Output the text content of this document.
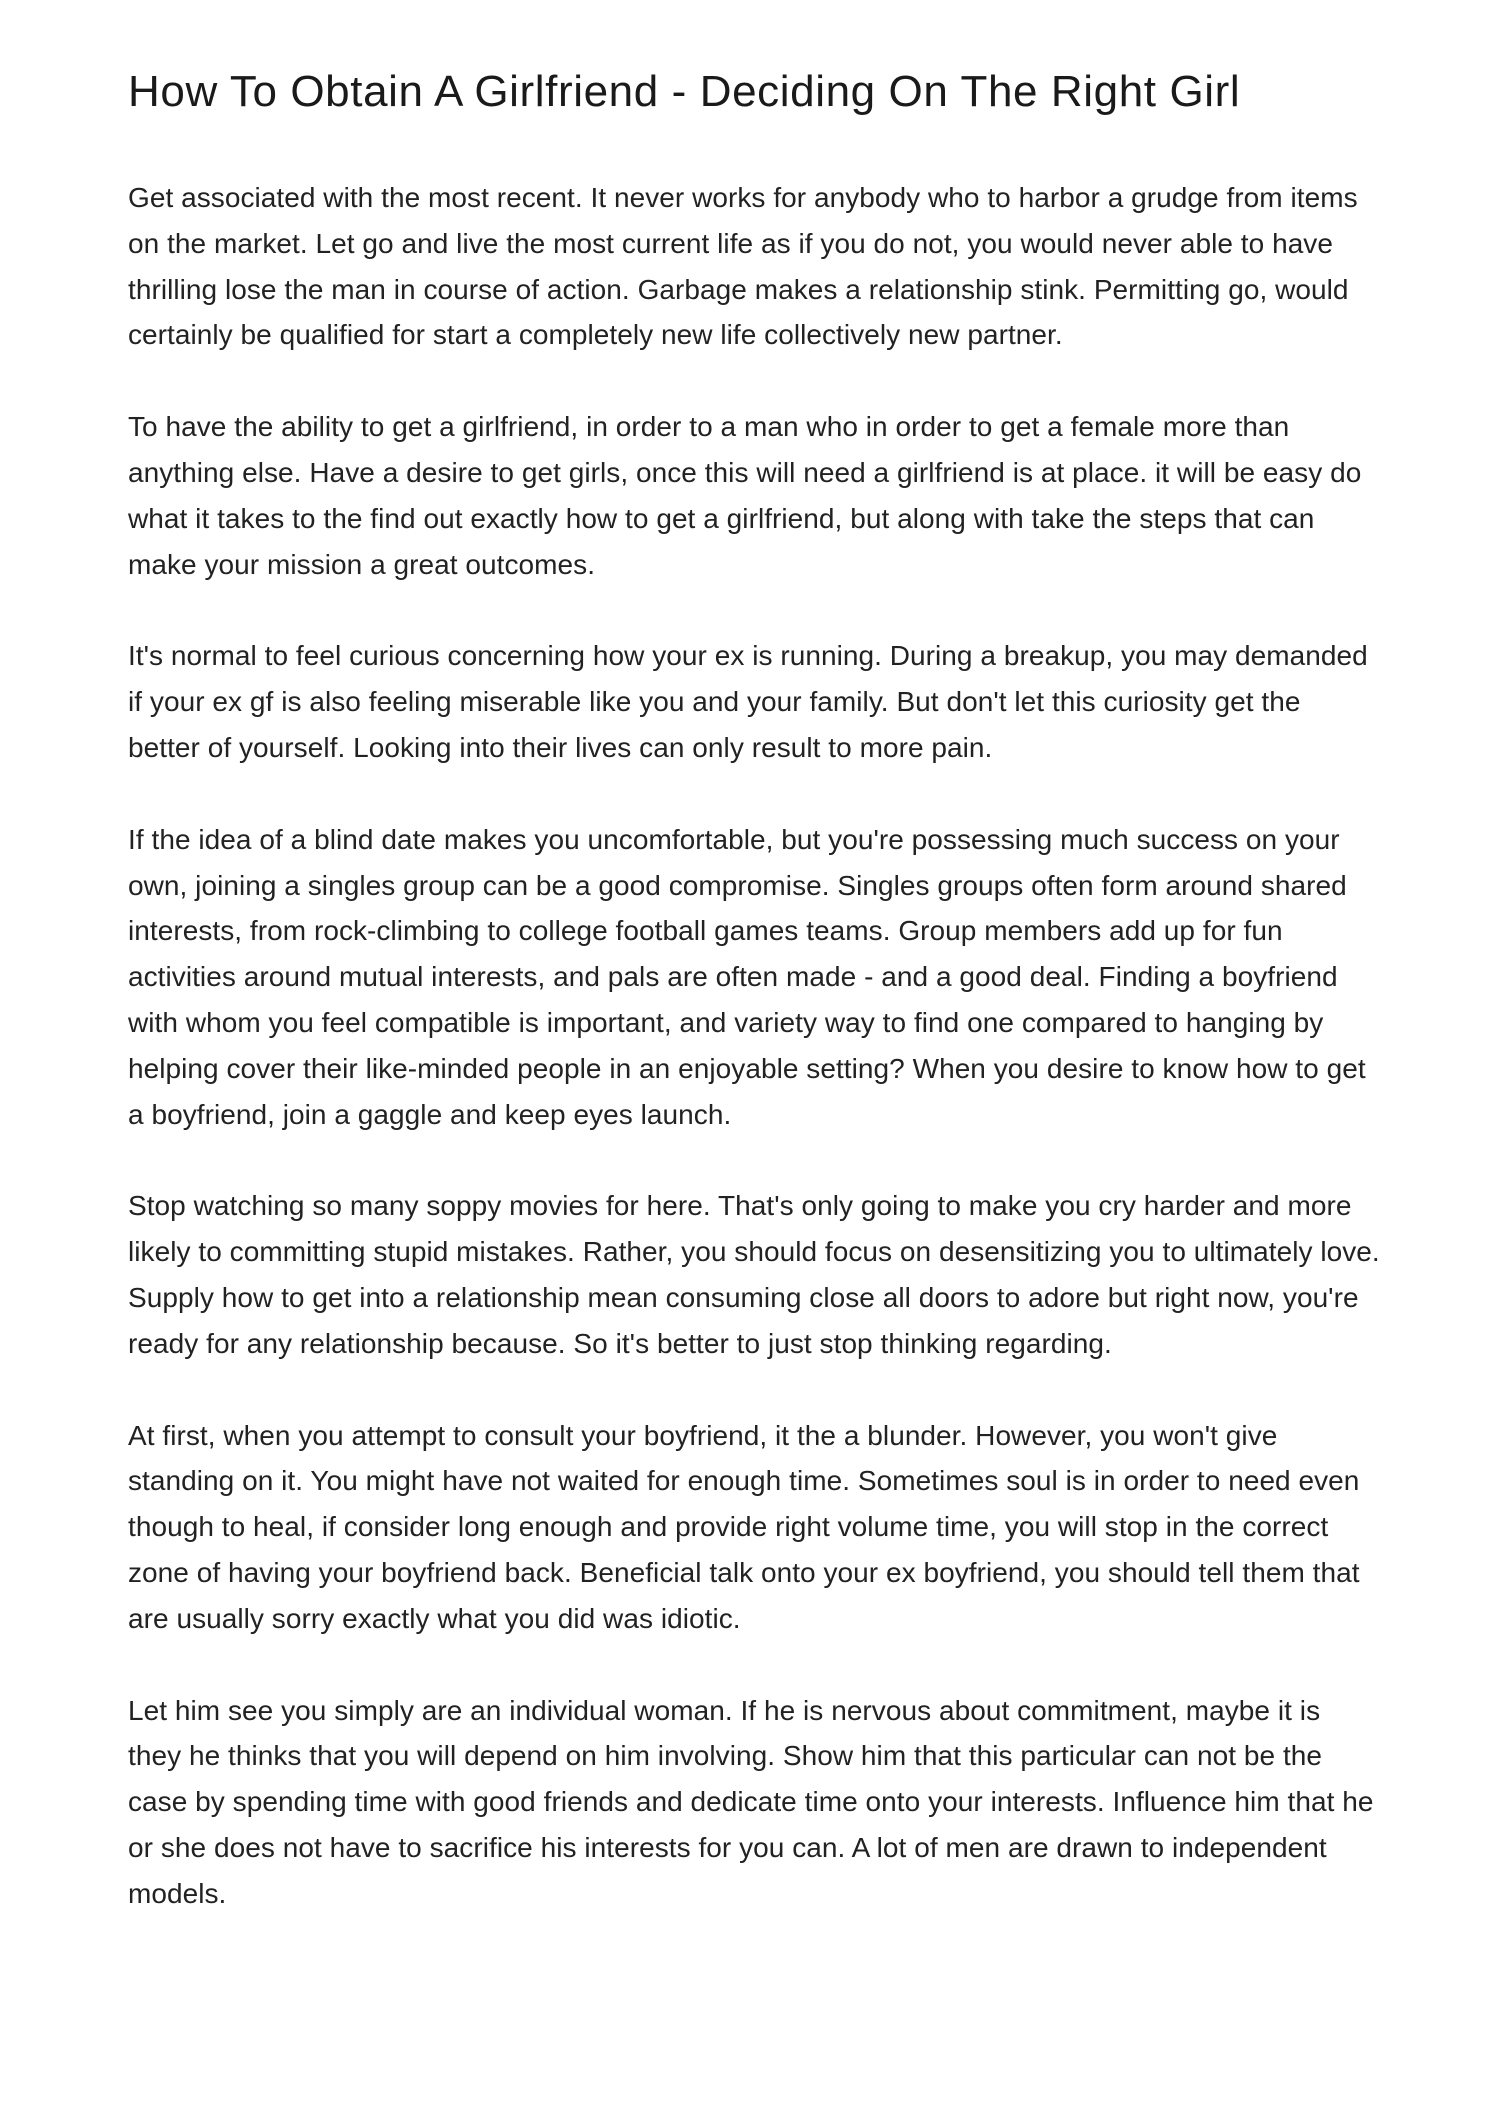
How To Obtain A Girlfriend - Deciding On The Right Girl

Get associated with the most recent. It never works for anybody who to harbor a grudge from items on the market. Let go and live the most current life as if you do not, you would never able to have thrilling lose the man in course of action. Garbage makes a relationship stink. Permitting go, would certainly be qualified for start a completely new life collectively new partner.

To have the ability to get a girlfriend, in order to a man who in order to get a female more than anything else. Have a desire to get girls, once this will need a girlfriend is at place. it will be easy do what it takes to the find out exactly how to get a girlfriend, but along with take the steps that can make your mission a great outcomes.

It's normal to feel curious concerning how your ex is running. During a breakup, you may demanded if your ex gf is also feeling miserable like you and your family. But don't let this curiosity get the better of yourself. Looking into their lives can only result to more pain.

If the idea of a blind date makes you uncomfortable, but you're possessing much success on your own, joining a singles group can be a good compromise. Singles groups often form around shared interests, from rock-climbing to college football games teams. Group members add up for fun activities around mutual interests, and pals are often made - and a good deal. Finding a boyfriend with whom you feel compatible is important, and variety way to find one compared to hanging by helping cover their like-minded people in an enjoyable setting? When you desire to know how to get a boyfriend, join a gaggle and keep eyes launch.

Stop watching so many soppy movies for here. That's only going to make you cry harder and more likely to committing stupid mistakes. Rather, you should focus on desensitizing you to ultimately love. Supply how to get into a relationship mean consuming close all doors to adore but right now, you're ready for any relationship because. So it's better to just stop thinking regarding.

At first, when you attempt to consult your boyfriend, it the a blunder. However, you won't give standing on it. You might have not waited for enough time. Sometimes soul is in order to need even though to heal, if consider long enough and provide right volume time, you will stop in the correct zone of having your boyfriend back. Beneficial talk onto your ex boyfriend, you should tell them that are usually sorry exactly what you did was idiotic.

Let him see you simply are an individual woman. If he is nervous about commitment, maybe it is they he thinks that you will depend on him involving. Show him that this particular can not be the case by spending time with good friends and dedicate time onto your interests. Influence him that he or she does not have to sacrifice his interests for you can. A lot of men are drawn to independent models.
